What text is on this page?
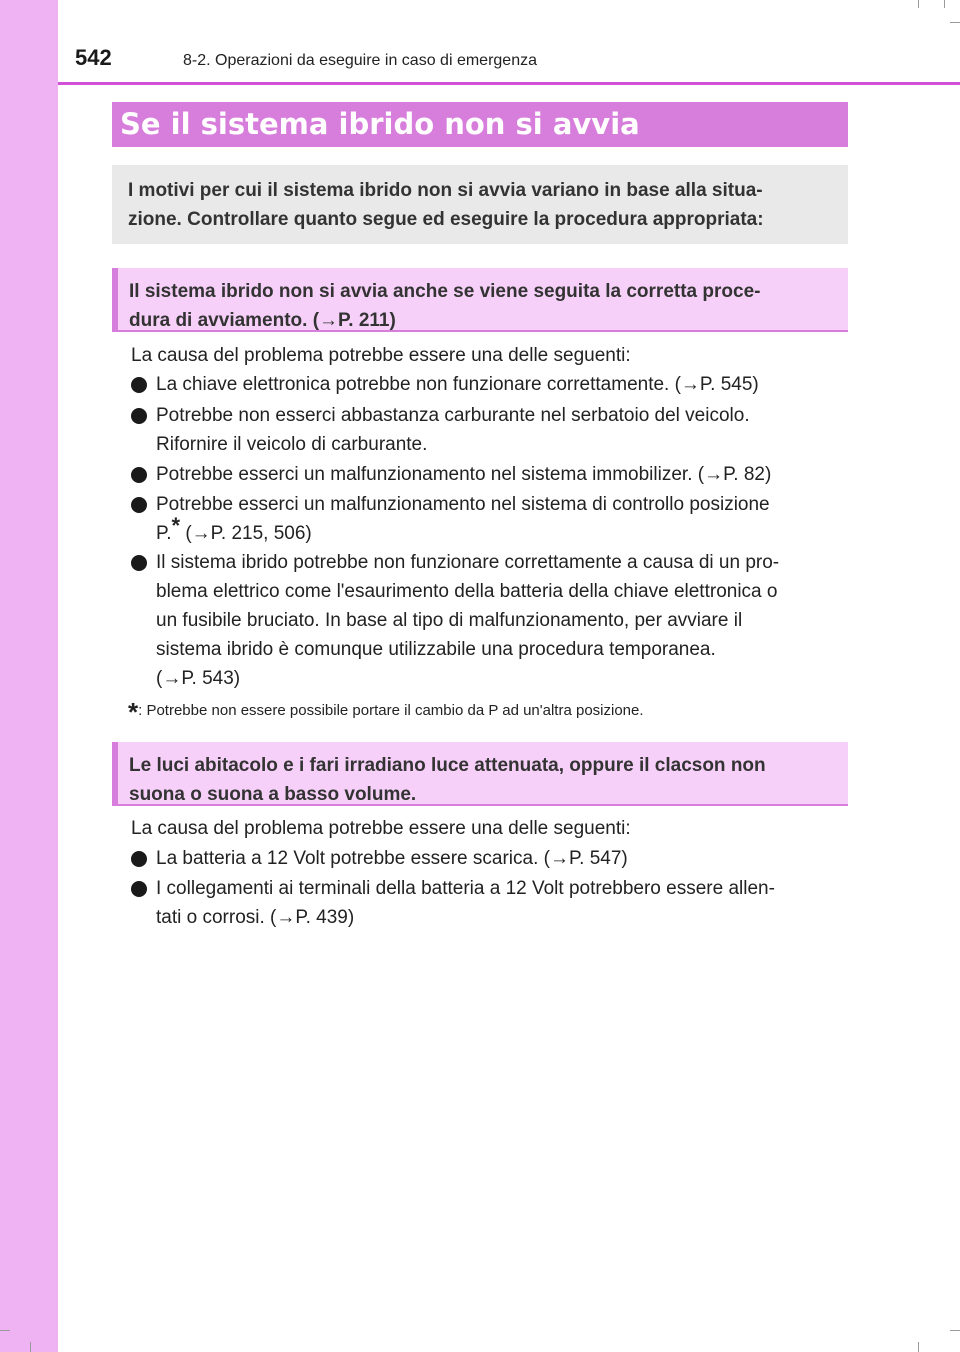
542	8-2. Operazioni da eseguire in caso di emergenza
Se il sistema ibrido non si avvia
I motivi per cui il sistema ibrido non si avvia variano in base alla situa-
zione. Controllare quanto segue ed eseguire la procedura appropriata:
Il sistema ibrido non si avvia anche se viene seguita la corretta proce-
dura di avviamento. (→P. 211)
La causa del problema potrebbe essere una delle seguenti:
La chiave elettronica potrebbe non funzionare correttamente. (→P. 545)
Potrebbe non esserci abbastanza carburante nel serbatoio del veicolo.
Rifornire il veicolo di carburante.
Potrebbe esserci un malfunzionamento nel sistema immobilizer. (→P. 82)
Potrebbe esserci un malfunzionamento nel sistema di controllo posizione
P.* (→P. 215, 506)
Il sistema ibrido potrebbe non funzionare correttamente a causa di un pro-
blema elettrico come l'esaurimento della batteria della chiave elettronica o
un fusibile bruciato. In base al tipo di malfunzionamento, per avviare il
sistema ibrido è comunque utilizzabile una procedura temporanea.
(→P. 543)
*: Potrebbe non essere possibile portare il cambio da P ad un'altra posizione.
Le luci abitacolo e i fari irradiano luce attenuata, oppure il clacson non
suona o suona a basso volume.
La causa del problema potrebbe essere una delle seguenti:
La batteria a 12 Volt potrebbe essere scarica. (→P. 547)
I collegamenti ai terminali della batteria a 12 Volt potrebbero essere allen-
tati o corrosi. (→P. 439)
